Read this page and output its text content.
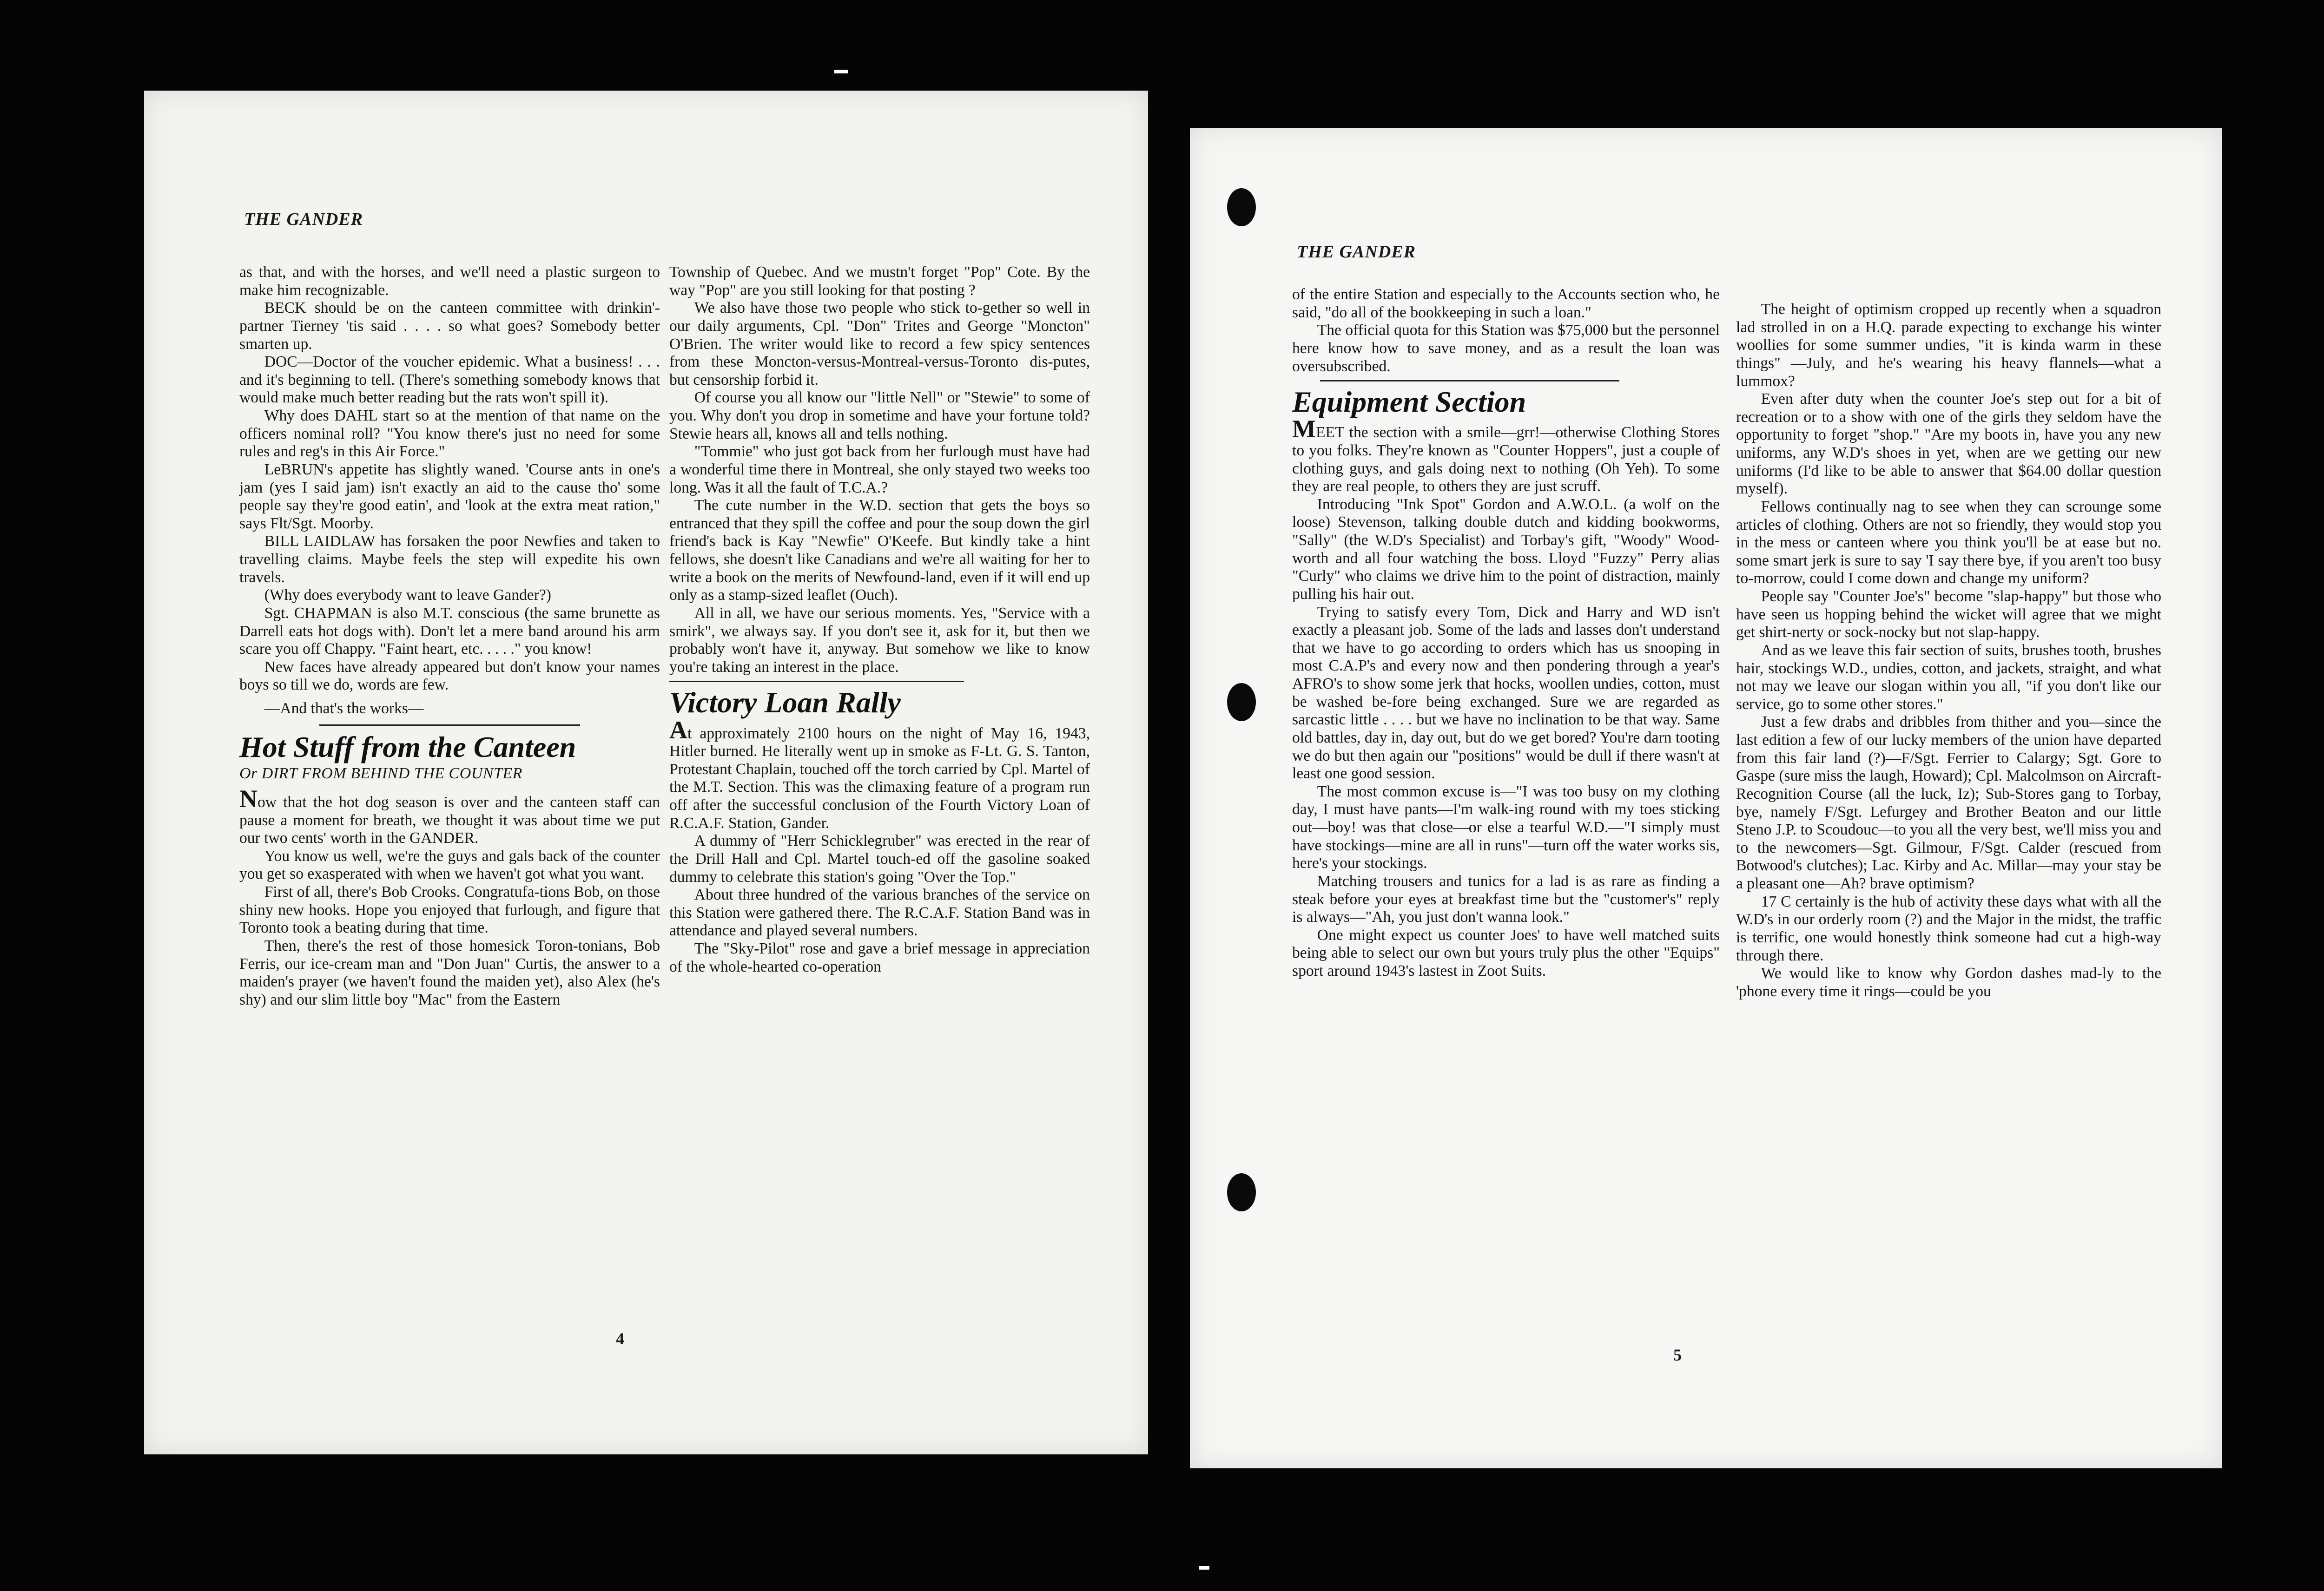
THE GANDER

as that, and with the horses, and we'll need a plastic surgeon to make him recognizable.

BECK should be on the canteen committee with drinkin'-partner Tierney 'tis said . . . . so what goes? Somebody better smarten up.

DOC—Doctor of the voucher epidemic. What a business! . . . and it's beginning to tell. (There's something somebody knows that would make much better reading but the rats won't spill it).

Why does DAHL start so at the mention of that name on the officers nominal roll? "You know there's just no need for some rules and reg's in this Air Force."

LeBRUN's appetite has slightly waned. 'Course ants in one's jam (yes I said jam) isn't exactly an aid to the cause tho' some people say they're good eatin', and 'look at the extra meat ration," says Flt/Sgt. Moorby.

BILL LAIDLAW has forsaken the poor Newfies and taken to travelling claims. Maybe feels the step will expedite his own travels.

(Why does everybody want to leave Gander?)

Sgt. CHAPMAN is also M.T. conscious (the same brunette as Darrell eats hot dogs with). Don't let a mere band around his arm scare you off Chappy. "Faint heart, etc. . . . ." you know!

New faces have already appeared but don't know your names boys so till we do, words are few.

—And that's the works—

Hot Stuff from the Canteen
Or DIRT FROM BEHIND THE COUNTER

Now that the hot dog season is over and the canteen staff can pause a moment for breath, we thought it was about time we put our two cents' worth in the GANDER.

You know us well, we're the guys and gals back of the counter you get so exasperated with when we haven't got what you want.

First of all, there's Bob Crooks. Congratufa-tions Bob, on those shiny new hooks. Hope you enjoyed that furlough, and figure that Toronto took a beating during that time.

Then, there's the rest of those homesick Toron-tonians, Bob Ferris, our ice-cream man and "Don Juan" Curtis, the answer to a maiden's prayer (we haven't found the maiden yet), also Alex (he's shy) and our slim little boy "Mac" from the Eastern

Township of Quebec. And we mustn't forget "Pop" Cote. By the way "Pop" are you still looking for that posting ?

We also have those two people who stick to-gether so well in our daily arguments, Cpl. "Don" Trites and George "Moncton" O'Brien. The writer would like to record a few spicy sentences from these Moncton-versus-Montreal-versus-Toronto dis-putes, but censorship forbid it.

Of course you all know our "little Nell" or "Stewie" to some of you. Why don't you drop in sometime and have your fortune told? Stewie hears all, knows all and tells nothing.

"Tommie" who just got back from her furlough must have had a wonderful time there in Montreal, she only stayed two weeks too long. Was it all the fault of T.C.A.?

The cute number in the W.D. section that gets the boys so entranced that they spill the coffee and pour the soup down the girl friend's back is Kay "Newfie" O'Keefe. But kindly take a hint fellows, she doesn't like Canadians and we're all waiting for her to write a book on the merits of Newfound-land, even if it will end up only as a stamp-sized leaflet (Ouch).

All in all, we have our serious moments. Yes, "Service with a smirk", we always say. If you don't see it, ask for it, but then we probably won't have it, anyway. But somehow we like to know you're taking an interest in the place.

Victory Loan Rally

At approximately 2100 hours on the night of May 16, 1943, Hitler burned. He literally went up in smoke as F-Lt. G. S. Tanton, Protestant Chaplain, touched off the torch carried by Cpl. Martel of the M.T. Section. This was the climaxing feature of a program run off after the successful conclusion of the Fourth Victory Loan of R.C.A.F. Station, Gander.

A dummy of "Herr Schicklegruber" was erected in the rear of the Drill Hall and Cpl. Martel touch-ed off the gasoline soaked dummy to celebrate this station's going "Over the Top."

About three hundred of the various branches of the service on this Station were gathered there. The R.C.A.F. Station Band was in attendance and played several numbers.

The "Sky-Pilot" rose and gave a brief message in appreciation of the whole-hearted co-operation

4
THE GANDER

of the entire Station and especially to the Accounts section who, he said, "do all of the bookkeeping in such a loan."

The official quota for this Station was $75,000 but the personnel here know how to save money, and as a result the loan was oversubscribed.

Equipment Section

MEET the section with a smile—grr!—otherwise Clothing Stores to you folks. They're known as "Counter Hoppers", just a couple of clothing guys, and gals doing next to nothing (Oh Yeh). To some they are real people, to others they are just scruff.

Introducing "Ink Spot" Gordon and A.W.O.L. (a wolf on the loose) Stevenson, talking double dutch and kidding bookworms, "Sally" (the W.D's Specialist) and Torbay's gift, "Woody" Wood-worth and all four watching the boss. Lloyd "Fuzzy" Perry alias "Curly" who claims we drive him to the point of distraction, mainly pulling his hair out.

Trying to satisfy every Tom, Dick and Harry and WD isn't exactly a pleasant job. Some of the lads and lasses don't understand that we have to go according to orders which has us snooping in most C.A.P's and every now and then pondering through a year's AFRO's to show some jerk that hocks, woollen undies, cotton, must be washed be-fore being exchanged. Sure we are regarded as sarcastic little . . . . but we have no inclination to be that way. Same old battles, day in, day out, but do we get bored? You're darn tooting we do but then again our "positions" would be dull if there wasn't at least one good session.

The most common excuse is—"I was too busy on my clothing day, I must have pants—I'm walk-ing round with my toes sticking out—boy! was that close—or else a tearful W.D.—"I simply must have stockings—mine are all in runs"—turn off the water works sis, here's your stockings.

Matching trousers and tunics for a lad is as rare as finding a steak before your eyes at breakfast time but the "customer's" reply is always—"Ah, you just don't wanna look."

One might expect us counter Joes' to have well matched suits being able to select our own but yours truly plus the other "Equips" sport around 1943's lastest in Zoot Suits.

The height of optimism cropped up recently when a squadron lad strolled in on a H.Q. parade expecting to exchange his winter woollies for some summer undies, "it is kinda warm in these things" —July, and he's wearing his heavy flannels—what a lummox?

Even after duty when the counter Joe's step out for a bit of recreation or to a show with one of the girls they seldom have the opportunity to forget "shop." "Are my boots in, have you any new uniforms, any W.D's shoes in yet, when are we getting our new uniforms (I'd like to be able to answer that $64.00 dollar question myself).

Fellows continually nag to see when they can scrounge some articles of clothing. Others are not so friendly, they would stop you in the mess or canteen where you think you'll be at ease but no. some smart jerk is sure to say 'I say there bye, if you aren't too busy to-morrow, could I come down and change my uniform?

People say "Counter Joe's" become "slap-happy" but those who have seen us hopping behind the wicket will agree that we might get shirt-nerty or sock-nocky but not slap-happy.

And as we leave this fair section of suits, brushes tooth, brushes hair, stockings W.D., undies, cotton, and jackets, straight, and what not may we leave our slogan within you all, "if you don't like our service, go to some other stores."

Just a few drabs and dribbles from thither and you—since the last edition a few of our lucky members of the union have departed from this fair land (?)—F/Sgt. Ferrier to Calargy; Sgt. Gore to Gaspe (sure miss the laugh, Howard); Cpl. Malcolmson on Aircraft-Recognition Course (all the luck, Iz); Sub-Stores gang to Torbay, bye, namely F/Sgt. Lefurgey and Brother Beaton and our little Steno J.P. to Scoudouc—to you all the very best, we'll miss you and to the newcomers—Sgt. Gilmour, F/Sgt. Calder (rescued from Botwood's clutches); Lac. Kirby and Ac. Millar—may your stay be a pleasant one—Ah? brave optimism?

17 C certainly is the hub of activity these days what with all the W.D's in our orderly room (?) and the Major in the midst, the traffic is terrific, one would honestly think someone had cut a high-way through there.

We would like to know why Gordon dashes mad-ly to the 'phone every time it rings—could be you

5
